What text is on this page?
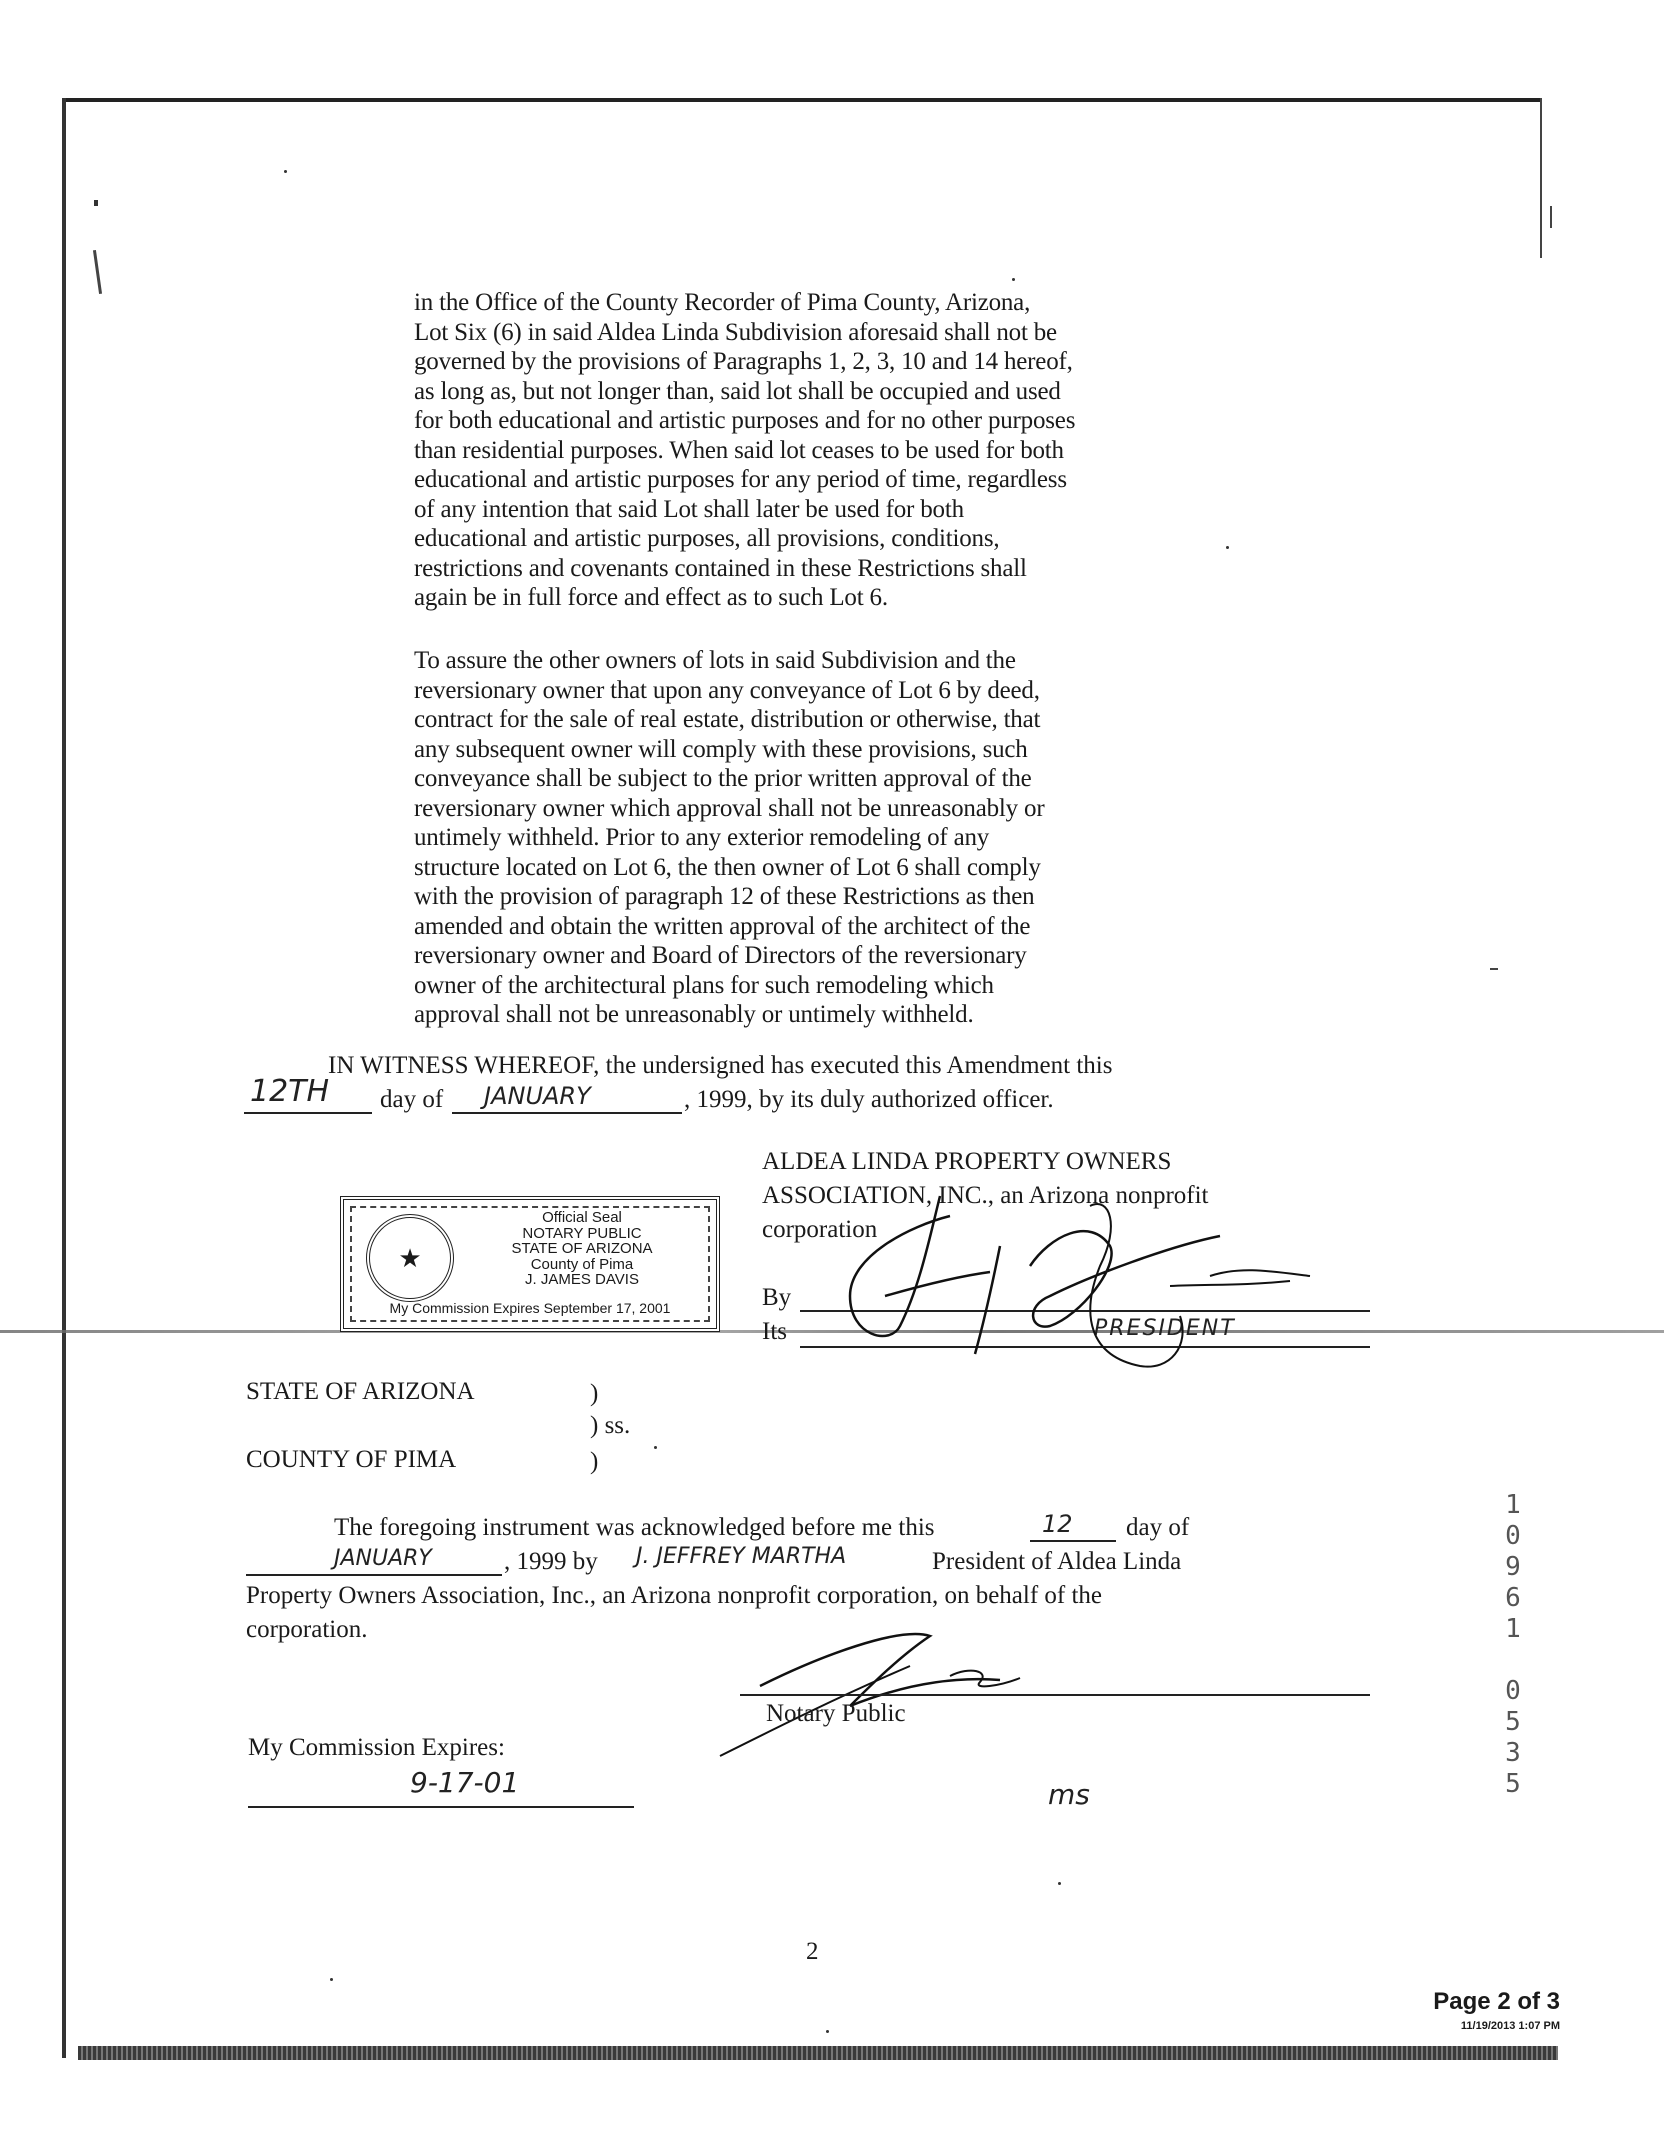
in the Office of the County Recorder of Pima County, Arizona,
Lot Six (6) in said Aldea Linda Subdivision aforesaid shall not be
governed by the provisions of Paragraphs 1, 2, 3, 10 and 14 hereof,
as long as, but not longer than, said lot shall be occupied and used
for both educational and artistic purposes and for no other purposes
than residential purposes. When said lot ceases to be used for both
educational and artistic purposes for any period of time, regardless
of any intention that said Lot shall later be used for both
educational and artistic purposes, all provisions, conditions,
restrictions and covenants contained in these Restrictions shall
again be in full force and effect as to such Lot 6.
To assure the other owners of lots in said Subdivision and the
reversionary owner that upon any conveyance of Lot 6 by deed,
contract for the sale of real estate, distribution or otherwise, that
any subsequent owner will comply with these provisions, such
conveyance shall be subject to the prior written approval of the
reversionary owner which approval shall not be unreasonably or
untimely withheld. Prior to any exterior remodeling of any
structure located on Lot 6, the then owner of Lot 6 shall comply
with the provision of paragraph 12 of these Restrictions as then
amended and obtain the written approval of the architect of the
reversionary owner and Board of Directors of the reversionary
owner of the architectural plans for such remodeling which
approval shall not be unreasonably or untimely withheld.
IN WITNESS WHEREOF, the undersigned has executed this Amendment this
12TH day of JANUARY	, 1999, by its duly authorized officer.
ALDEA LINDA PROPERTY OWNERS
ASSOCIATION, INC., an Arizona nonprofit
corporation
By
Its	PRESIDENT
★
Official Seal
NOTARY PUBLIC
STATE OF ARIZONA
County of Pima
J. JAMES DAVIS
My Commission Expires September 17, 2001
STATE OF ARIZONA	)
) ss.
COUNTY OF PIMA	)
The foregoing instrument was acknowledged before me this	12 day of
JANUARY	, 1999 by J. JEFFREY MARTHA	President of Aldea Linda
Property Owners Association, Inc., an Arizona nonprofit corporation, on behalf of the
corporation.
Notary Public
My Commission Expires:
9-17-01	ms
1
0
9
6
1

0
5
3
5
2
Page 2 of 3
11/19/2013 1:07 PM
